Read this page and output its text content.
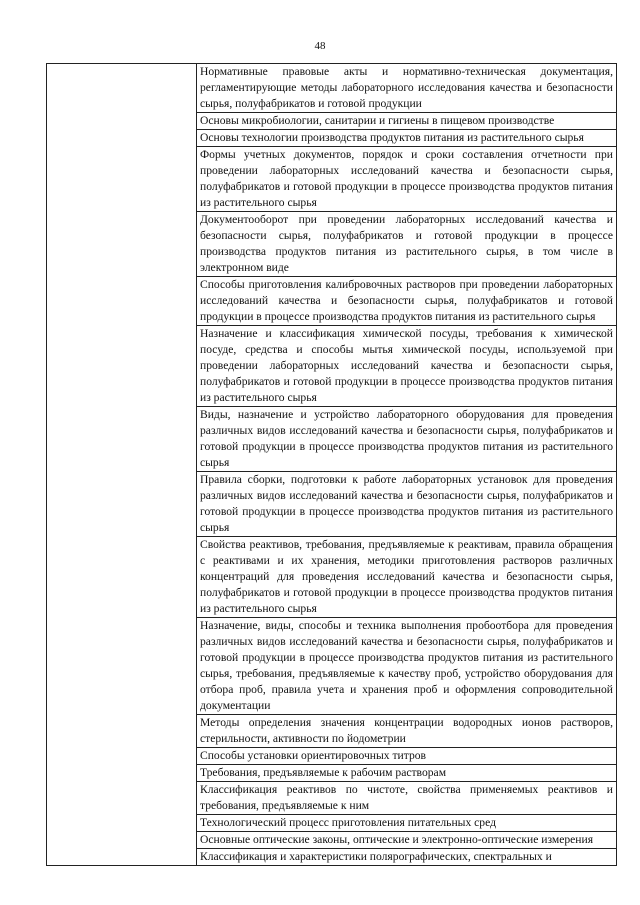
48
	Нормативные правовые акты и нормативно-техническая документация, регламентирующие методы лабораторного исследования качества и безопасности сырья, полуфабрикатов и готовой продукции
Основы микробиологии, санитарии и гигиены в пищевом производстве
Основы технологии производства продуктов питания из растительного сырья
Формы учетных документов, порядок и сроки составления отчетности при проведении лабораторных исследований качества и безопасности сырья, полуфабрикатов и готовой продукции в процессе производства продуктов питания из растительного сырья
Документооборот при проведении лабораторных исследований качества и безопасности сырья, полуфабрикатов и готовой продукции в процессе производства продуктов питания из растительного сырья, в том числе в электронном виде
Способы приготовления калибровочных растворов при проведении лабораторных исследований качества и безопасности сырья, полуфабрикатов и готовой продукции в процессе производства продуктов питания из растительного сырья
Назначение и классификация химической посуды, требования к химической посуде, средства и способы мытья химической посуды, используемой при проведении лабораторных исследований качества и безопасности сырья, полуфабрикатов и готовой продукции в процессе производства продуктов питания из растительного сырья
Виды, назначение и устройство лабораторного оборудования для проведения различных видов исследований качества и безопасности сырья, полуфабрикатов и готовой продукции в процессе производства продуктов питания из растительного сырья
Правила сборки, подготовки к работе лабораторных установок для проведения различных видов исследований качества и безопасности сырья, полуфабрикатов и готовой продукции в процессе производства продуктов питания из растительного сырья
Свойства реактивов, требования, предъявляемые к реактивам, правила обращения с реактивами и их хранения, методики приготовления растворов различных концентраций для проведения исследований качества и безопасности сырья, полуфабрикатов и готовой продукции в процессе производства продуктов питания из растительного сырья
Назначение, виды, способы и техника выполнения пробоотбора для проведения различных видов исследований качества и безопасности сырья, полуфабрикатов и готовой продукции в процессе производства продуктов питания из растительного сырья, требования, предъявляемые к качеству проб, устройство оборудования для отбора проб, правила учета и хранения проб и оформления сопроводительной документации
Методы определения значения концентрации водородных ионов растворов, стерильности, активности по йодометрии
Способы установки ориентировочных титров
Требования, предъявляемые к рабочим растворам
Классификация реактивов по чистоте, свойства применяемых реактивов и требования, предъявляемые к ним
Технологический процесс приготовления питательных сред
Основные оптические законы, оптические и электронно-оптические измерения
Классификация и характеристики полярографических, спектральных и
